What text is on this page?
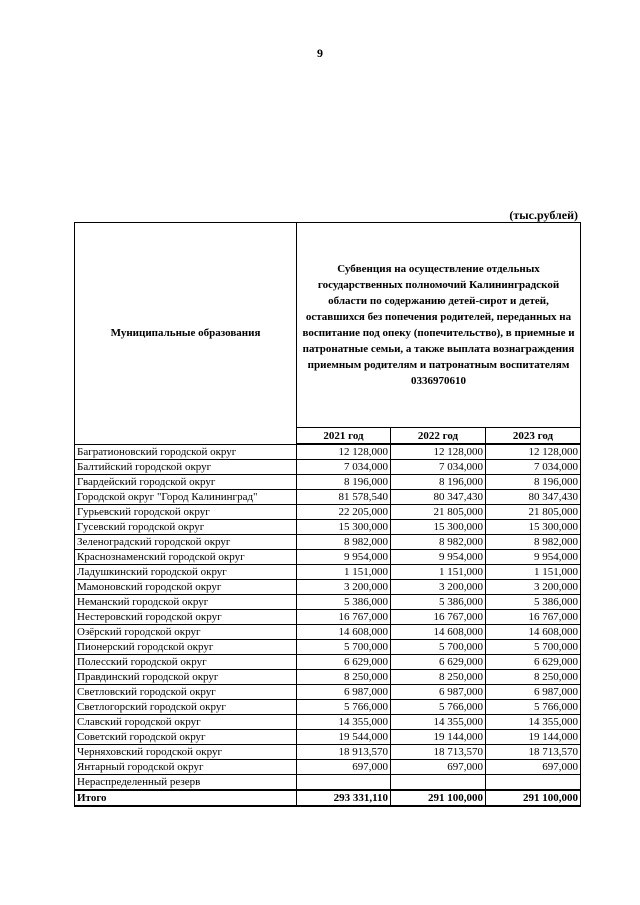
9
(тыс.рублей)
Муниципальные образования	Субвенция на осуществление отдельных государственных полномочий Калининградской области по содержанию детей-сирот и детей, оставшихся без попечения родителей, переданных на воспитание под опеку (попечительство), в приемные и патронатные семьи, а также выплата вознаграждения приемным родителям и патронатным воспитателям 0336970610		
	2021 год	2022 год	2023 год
Багратионовский городской округ	12 128,000	12 128,000	12 128,000
Балтийский городской округ	7 034,000	7 034,000	7 034,000
Гвардейский городской округ	8 196,000	8 196,000	8 196,000
Городской округ "Город Калининград"	81 578,540	80 347,430	80 347,430
Гурьевский городской округ	22 205,000	21 805,000	21 805,000
Гусевский городской округ	15 300,000	15 300,000	15 300,000
Зеленоградский городской округ	8 982,000	8 982,000	8 982,000
Краснознаменский городской округ	9 954,000	9 954,000	9 954,000
Ладушкинский городской округ	1 151,000	1 151,000	1 151,000
Мамоновский городской округ	3 200,000	3 200,000	3 200,000
Неманский городской округ	5 386,000	5 386,000	5 386,000
Нестеровский городской округ	16 767,000	16 767,000	16 767,000
Озёрский городской округ	14 608,000	14 608,000	14 608,000
Пионерский городской округ	5 700,000	5 700,000	5 700,000
Полесский городской округ	6 629,000	6 629,000	6 629,000
Правдинский городской округ	8 250,000	8 250,000	8 250,000
Светловский городской округ	6 987,000	6 987,000	6 987,000
Светлогорский городской округ	5 766,000	5 766,000	5 766,000
Славский городской округ	14 355,000	14 355,000	14 355,000
Советский городской округ	19 544,000	19 144,000	19 144,000
Черняховский городской округ	18 913,570	18 713,570	18 713,570
Янтарный городской округ	697,000	697,000	697,000
Нераспределенный резерв			
Итого	293 331,110	291 100,000	291 100,000
